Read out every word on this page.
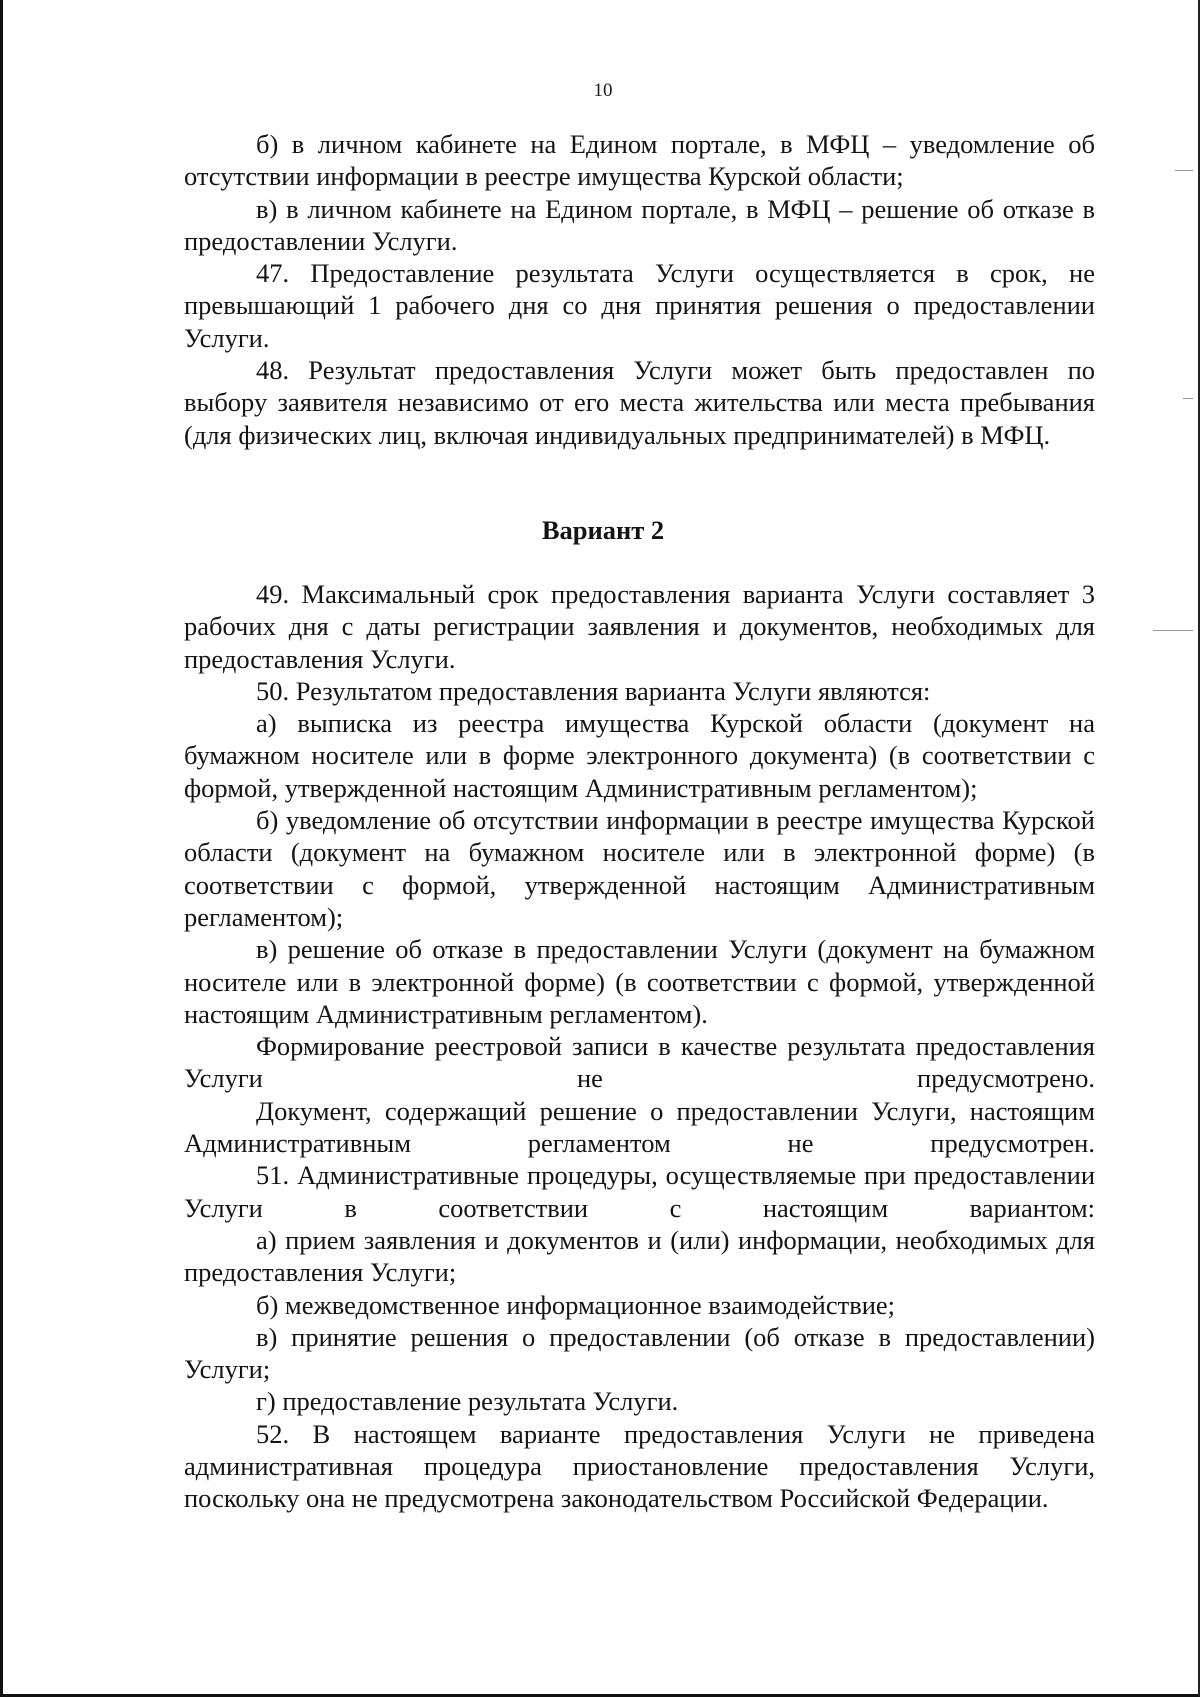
10

б) в личном кабинете на Едином портале, в МФЦ – уведомление об отсутствии информации в реестре имущества Курской области;

в) в личном кабинете на Едином портале, в МФЦ – решение об отказе в предоставлении Услуги.

47. Предоставление результата Услуги осуществляется в срок, не превышающий 1 рабочего дня со дня принятия решения о предоставлении Услуги.

48. Результат предоставления Услуги может быть предоставлен по выбору заявителя независимо от его места жительства или места пребывания (для физических лиц, включая индивидуальных предпринимателей) в МФЦ.

Вариант 2

49. Максимальный срок предоставления варианта Услуги составляет 3 рабочих дня с даты регистрации заявления и документов, необходимых для предоставления Услуги.

50. Результатом предоставления варианта Услуги являются:

а) выписка из реестра имущества Курской области (документ на бумажном носителе или в форме электронного документа) (в соответствии с формой, утвержденной настоящим Административным регламентом);

б) уведомление об отсутствии информации в реестре имущества Курской области (документ на бумажном носителе или в электронной форме) (в соответствии с формой, утвержденной настоящим Административным регламентом);

в) решение об отказе в предоставлении Услуги (документ на бумажном носителе или в электронной форме) (в соответствии с формой, утвержденной настоящим Административным регламентом).

Формирование реестровой записи в качестве результата предоставления Услуги не предусмотрено.

Документ, содержащий решение о предоставлении Услуги, настоящим Административным регламентом не предусмотрен.

51. Административные процедуры, осуществляемые при предоставлении Услуги в соответствии с настоящим вариантом:

а) прием заявления и документов и (или) информации, необходимых для предоставления Услуги;

б) межведомственное информационное взаимодействие;

в) принятие решения о предоставлении (об отказе в предоставлении) Услуги;

г) предоставление результата Услуги.

52. В настоящем варианте предоставления Услуги не приведена административная процедура приостановление предоставления Услуги, поскольку она не предусмотрена законодательством Российской Федерации.
